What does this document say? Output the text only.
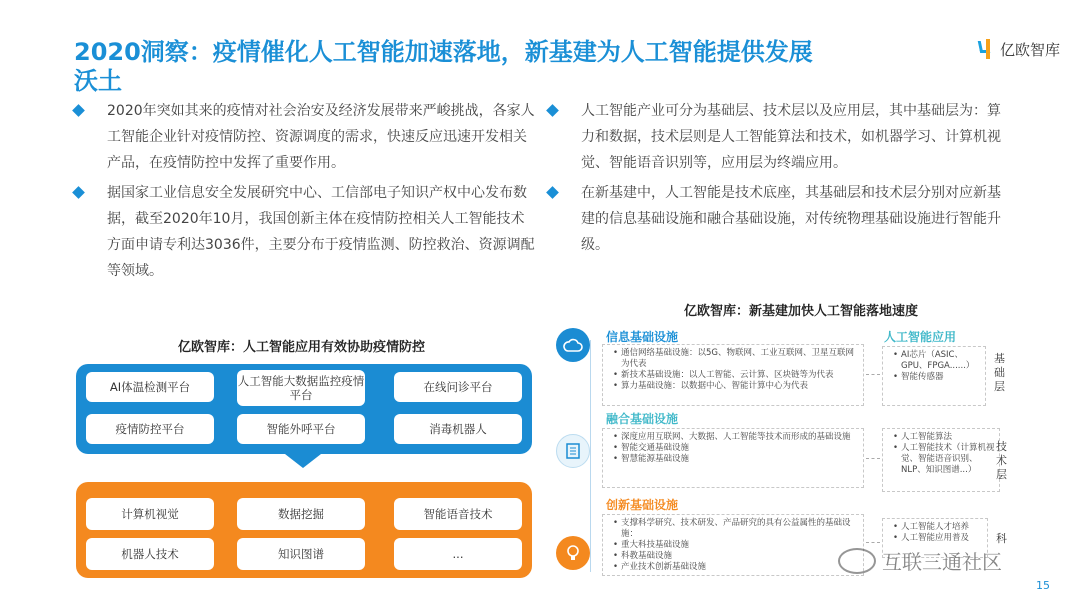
2020洞察：疫情催化人工智能加速落地，新基建为人工智能提供发展沃土
亿欧智库
2020年突如其来的疫情对社会治安及经济发展带来严峻挑战，各家人工智能企业针对疫情防控、资源调度的需求，快速反应迅速开发相关产品，在疫情防控中发挥了重要作用。
据国家工业信息安全发展研究中心、工信部电子知识产权中心发布数据，截至2020年10月，我国创新主体在疫情防控相关人工智能技术方面申请专利达3036件，主要分布于疫情监测、防控救治、资源调配等领域。
人工智能产业可分为基础层、技术层以及应用层，其中基础层为：算力和数据，技术层则是人工智能算法和技术，如机器学习、计算机视觉、智能语音识别等，应用层为终端应用。
在新基建中，人工智能是技术底座，其基础层和技术层分别对应新基建的信息基础设施和融合基础设施，对传统物理基础设施进行智能升级。
亿欧智库：人工智能应用有效协助疫情防控
AI体温检测平台	人工智能大数据监控疫情平台
在线问诊平台
疫情防控平台	智能外呼平台	消毒机器人
计算机视觉	数据挖掘	智能语音技术
机器人技术	知识图谱	...
亿欧智库：新基建加快人工智能落地速度
信息基础设施
• 通信网络基础设施：以5G、物联网、工业互联网、卫星互联网为代表
• 新技术基础设施：以人工智能、云计算、区块链等为代表
• 算力基础设施：以数据中心、智能计算中心为代表
融合基础设施
• 深度应用互联网、大数据、人工智能等技术而形成的基础设施
• 智能交通基础设施
• 智慧能源基础设施
创新基础设施
• 支撑科学研究、技术研发、产品研究的具有公益属性的基础设施：
• 重大科技基础设施
• 科教基础设施
• 产业技术创新基础设施
人工智能应用
• AI芯片（ASIC、GPU、FPGA......）
• 智能传感器
基础层
• 人工智能算法
• 人工智能技术（计算机视觉、智能语音识别、NLP、知识图谱...）
技术层
• 人工智能人才培养
• 人工智能应用普及	科
互联三通社区
15
